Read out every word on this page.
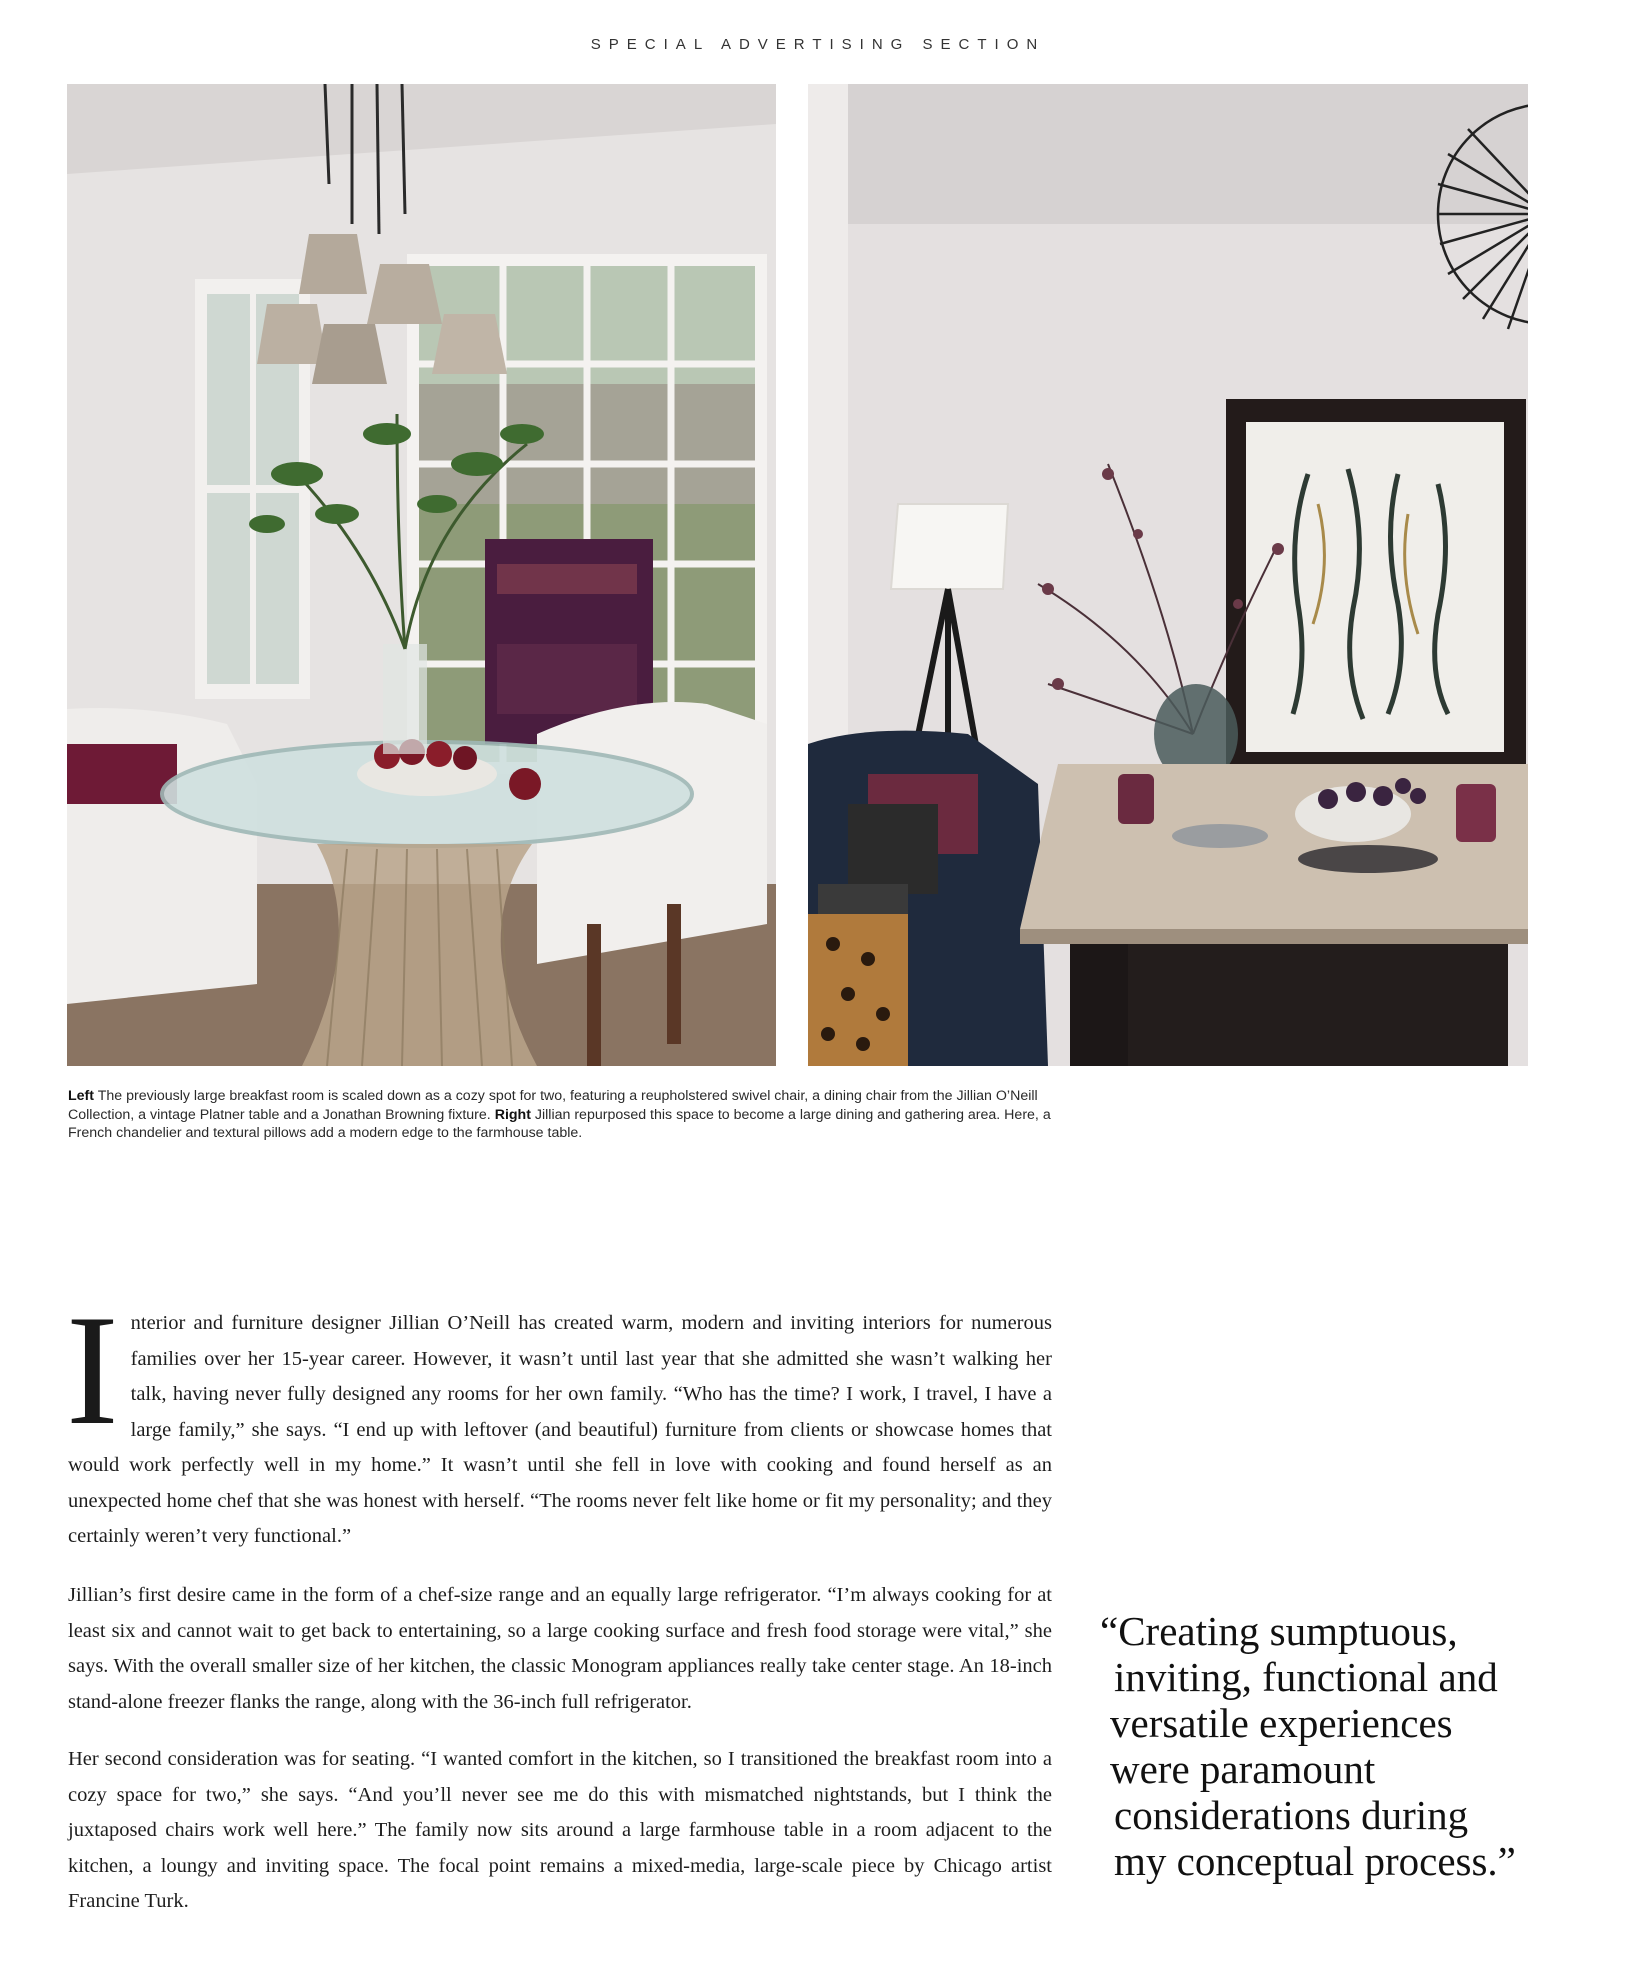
SPECIAL ADVERTISING SECTION
Left The previously large breakfast room is scaled down as a cozy spot for two, featuring a reupholstered swivel chair, a dining chair from the Jillian O’Neill Collection, a vintage Platner table and a Jonathan Browning fixture. Right Jillian repurposed this space to become a large dining and gathering area. Here, a French chandelier and textural pillows add a modern edge to the farmhouse table.

Interior and furniture designer Jillian O’Neill has created warm, modern and inviting interiors for numerous families over her 15-year career. However, it wasn’t until last year that she admitted she wasn’t walking her talk, having never fully designed any rooms for her own family. “Who has the time? I work, I travel, I have a large family,” she says. “I end up with leftover (and beautiful) furniture from clients or showcase homes that would work perfectly well in my home.” It wasn’t until she fell in love with cooking and found herself as an unexpected home chef that she was honest with herself. “The rooms never felt like home or fit my personality; and they certainly weren’t very functional.”

Jillian’s first desire came in the form of a chef-size range and an equally large refrigerator. “I’m always cooking for at least six and cannot wait to get back to entertaining, so a large cooking surface and fresh food storage were vital,” she says. With the overall smaller size of her kitchen, the classic Monogram appliances really take center stage. An 18-inch stand-alone freezer flanks the range, along with the 36-inch full refrigerator.

Her second consideration was for seating. “I wanted comfort in the kitchen, so I transitioned the breakfast room into a cozy space for two,” she says. “And you’ll never see me do this with mismatched nightstands, but I think the juxtaposed chairs work well here.” The family now sits around a large farmhouse table in a room adjacent to the kitchen, a loungy and inviting space. The focal point remains a mixed-media, large-scale piece by Chicago artist Francine Turk.

“Creating sumptuous,
inviting, functional and
versatile experiences
were paramount
considerations during
my conceptual process.”
